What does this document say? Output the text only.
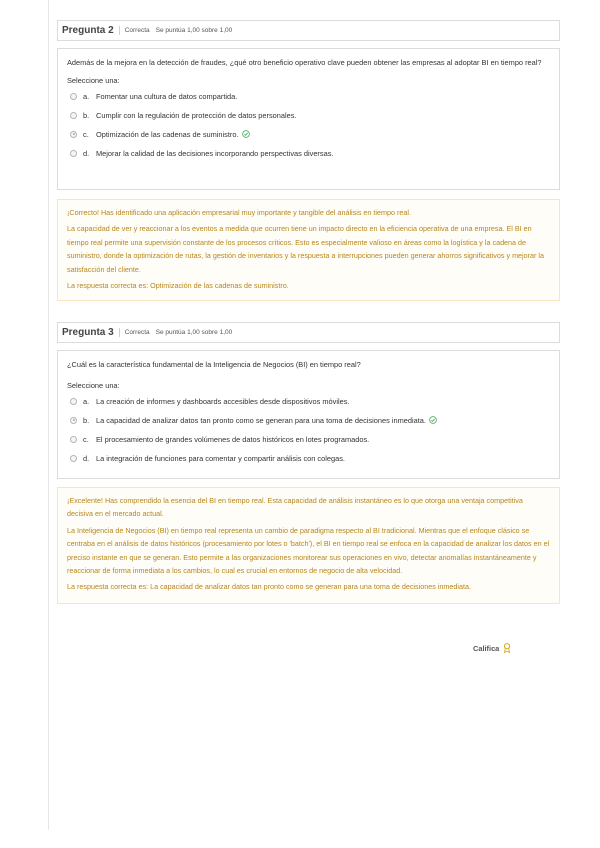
Pregunta 2 Correcta Se puntúa 1,00 sobre 1,00
Además de la mejora en la detección de fraudes, ¿qué otro beneficio operativo clave pueden obtener las empresas al adoptar BI en tiempo real?
Seleccione una:
a. Fomentar una cultura de datos compartida.
b. Cumplir con la regulación de protección de datos personales.
c. Optimización de las cadenas de suministro.
d. Mejorar la calidad de las decisiones incorporando perspectivas diversas.

¡Correcto! Has identificado una aplicación empresarial muy importante y tangible del análisis en tiempo real.

La capacidad de ver y reaccionar a los eventos a medida que ocurren tiene un impacto directo en la eficiencia operativa de una empresa. El BI en tiempo real permite una supervisión constante de los procesos críticos. Esto es especialmente valioso en áreas como la logística y la cadena de suministro, donde la optimización de rutas, la gestión de inventarios y la respuesta a interrupciones pueden generar ahorros significativos y mejorar la satisfacción del cliente.

La respuesta correcta es: Optimización de las cadenas de suministro.

Pregunta 3 Correcta Se puntúa 1,00 sobre 1,00
¿Cuál es la característica fundamental de la Inteligencia de Negocios (BI) en tiempo real?
Seleccione una:
a. La creación de informes y dashboards accesibles desde dispositivos móviles.
b. La capacidad de analizar datos tan pronto como se generan para una toma de decisiones inmediata.
c. El procesamiento de grandes volúmenes de datos históricos en lotes programados.
d. La integración de funciones para comentar y compartir análisis con colegas.

¡Excelente! Has comprendido la esencia del BI en tiempo real. Esta capacidad de análisis instantáneo es lo que otorga una ventaja competitiva decisiva en el mercado actual.

La Inteligencia de Negocios (BI) en tiempo real representa un cambio de paradigma respecto al BI tradicional. Mientras que el enfoque clásico se centraba en el análisis de datos históricos (procesamiento por lotes o 'batch'), el BI en tiempo real se enfoca en la capacidad de analizar los datos en el preciso instante en que se generan. Esto permite a las organizaciones monitorear sus operaciones en vivo, detectar anomalías instantáneamente y reaccionar de forma inmediata a los cambios, lo cual es crucial en entornos de negocio de alta velocidad.

La respuesta correcta es: La capacidad de analizar datos tan pronto como se generan para una toma de decisiones inmediata.

Califica
